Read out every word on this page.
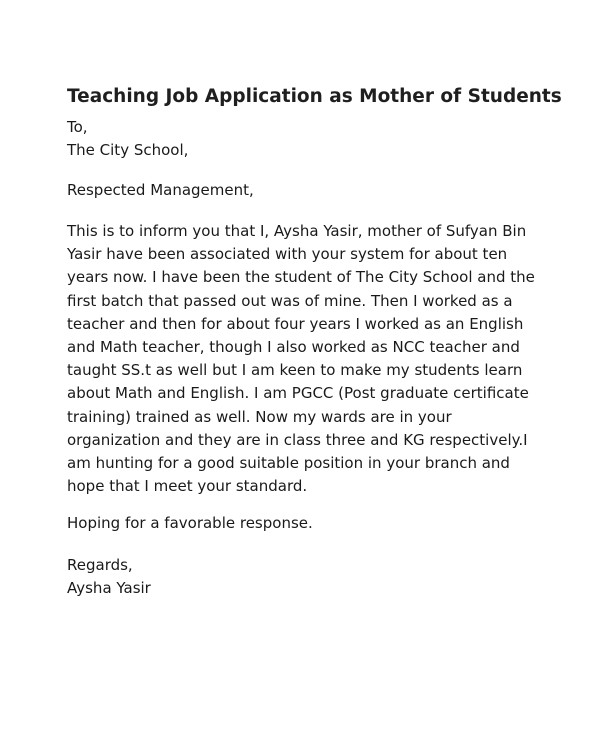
Teaching Job Application as Mother of Students
To,
The City School,
Respected Management,
This is to inform you that I, Aysha Yasir, mother of Sufyan Bin
Yasir have been associated with your system for about ten
years now. I have been the student of The City School and the
first batch that passed out was of mine. Then I worked as a
teacher and then for about four years I worked as an English
and Math teacher, though I also worked as NCC teacher and
taught SS.t as well but I am keen to make my students learn
about Math and English. I am PGCC (Post graduate certificate
training) trained as well. Now my wards are in your
organization and they are in class three and KG respectively.I
am hunting for a good suitable position in your branch and
hope that I meet your standard.
Hoping for a favorable response.
Regards,
Aysha Yasir
